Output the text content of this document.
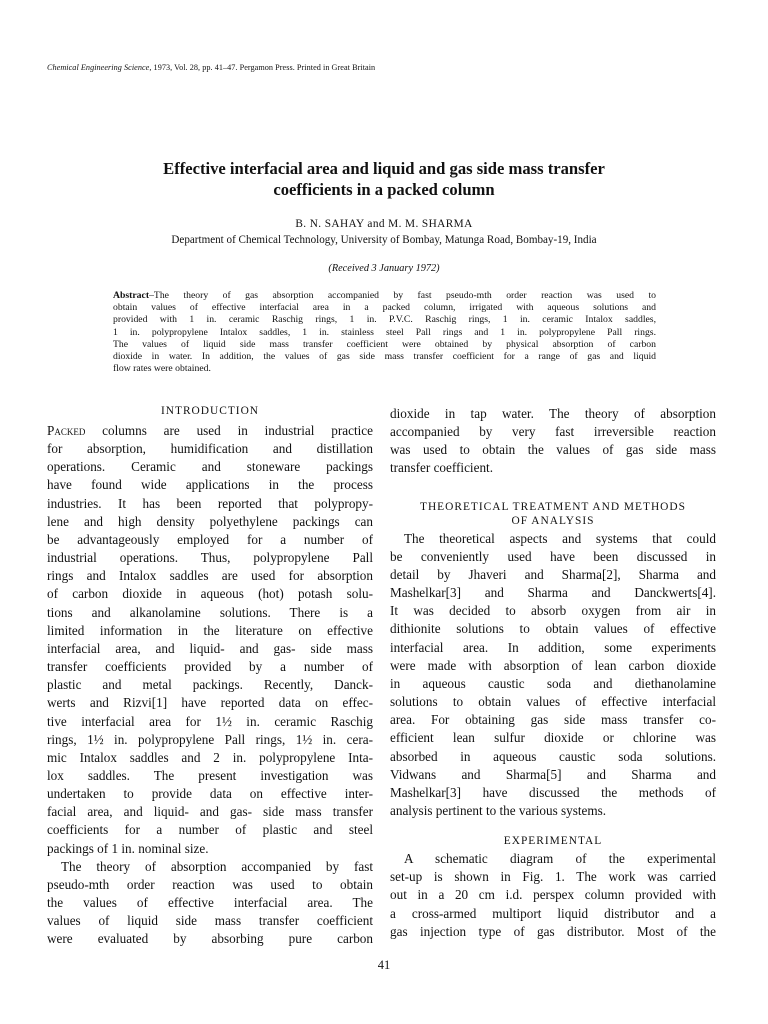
Chemical Engineering Science, 1973, Vol. 28, pp. 41–47. Pergamon Press. Printed in Great Britain
Effective interfacial area and liquid and gas side mass transfer
coefficients in a packed column
B. N. SAHAY and M. M. SHARMA
Department of Chemical Technology, University of Bombay, Matunga Road, Bombay-19, India
(Received 3 January 1972)
Abstract–The theory of gas absorption accompanied by fast pseudo-mth order reaction was used to
obtain values of effective interfacial area in a packed column, irrigated with aqueous solutions and
provided with 1 in. ceramic Raschig rings, 1 in. P.V.C. Raschig rings, 1 in. ceramic Intalox saddles,
1 in. polypropylene Intalox saddles, 1 in. stainless steel Pall rings and 1 in. polypropylene Pall rings.
The values of liquid side mass transfer coefficient were obtained by physical absorption of carbon
dioxide in water. In addition, the values of gas side mass transfer coefficient for a range of gas and liquid
flow rates were obtained.
INTRODUCTION
Packed columns are used in industrial practice
for absorption, humidification and distillation
operations. Ceramic and stoneware packings
have found wide applications in the process
industries. It has been reported that polypropy-
lene and high density polyethylene packings can
be advantageously employed for a number of
industrial operations. Thus, polypropylene Pall
rings and Intalox saddles are used for absorption
of carbon dioxide in aqueous (hot) potash solu-
tions and alkanolamine solutions. There is a
limited information in the literature on effective
interfacial area, and liquid- and gas- side mass
transfer coefficients provided by a number of
plastic and metal packings. Recently, Danck-
werts and Rizvi[1] have reported data on effec-
tive interfacial area for 1½ in. ceramic Raschig
rings, 1½ in. polypropylene Pall rings, 1½ in. cera-
mic Intalox saddles and 2 in. polypropylene Inta-
lox saddles. The present investigation was
undertaken to provide data on effective inter-
facial area, and liquid- and gas- side mass transfer
coefficients for a number of plastic and steel
packings of 1 in. nominal size.
The theory of absorption accompanied by fast
pseudo-mth order reaction was used to obtain
the values of effective interfacial area. The
values of liquid side mass transfer coefficient
were evaluated by absorbing pure carbon
dioxide in tap water. The theory of absorption
accompanied by very fast irreversible reaction
was used to obtain the values of gas side mass
transfer coefficient.
THEORETICAL TREATMENT AND METHODS
OF ANALYSIS
The theoretical aspects and systems that could
be conveniently used have been discussed in
detail by Jhaveri and Sharma[2], Sharma and
Mashelkar[3] and Sharma and Danckwerts[4].
It was decided to absorb oxygen from air in
dithionite solutions to obtain values of effective
interfacial area. In addition, some experiments
were made with absorption of lean carbon dioxide
in aqueous caustic soda and diethanolamine
solutions to obtain values of effective interfacial
area. For obtaining gas side mass transfer co-
efficient lean sulfur dioxide or chlorine was
absorbed in aqueous caustic soda solutions.
Vidwans and Sharma[5] and Sharma and
Mashelkar[3] have discussed the methods of
analysis pertinent to the various systems.
EXPERIMENTAL
A schematic diagram of the experimental
set-up is shown in Fig. 1. The work was carried
out in a 20 cm i.d. perspex column provided with
a cross-armed multiport liquid distributor and a
gas injection type of gas distributor. Most of the
41
